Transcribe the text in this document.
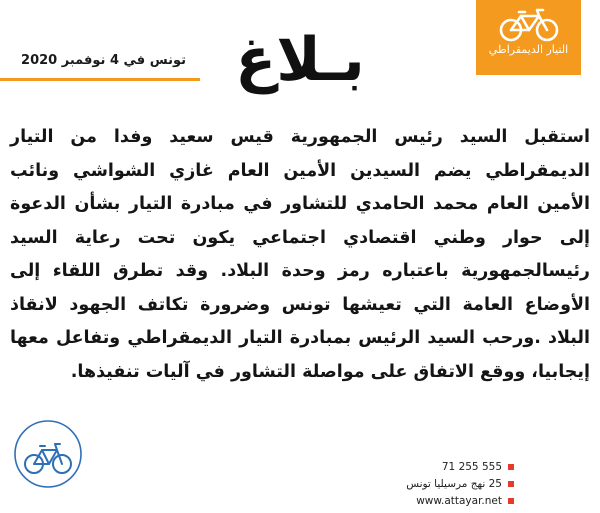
التيار الديمقراطي
تونس في 4 نوفمبر 2020 بـلاغ
استقبل السيد رئيس الجمهورية قيس سعيد وفدا من التيار الديمقراطي يضم السيدين الأمين العام غازي الشواشي ونائب الأمين العام محمد الحامدي للتشاور في مبادرة التيار بشأن الدعوة إلى حوار وطني اقتصادي اجتماعي يكون تحت رعاية السيد رئيسالجمهورية باعتباره رمز وحدة البلاد. وقد تطرق اللقاء إلى الأوضاع العامة التي تعيشها تونس وضرورة تكاتف الجهود لانقاذ البلاد .ورحب السيد الرئيس بمبادرة التيار الديمقراطي وتفاعل معها إيجابيا، ووقع الاتفاق على مواصلة التشاور في آليات تنفيذها.
71 255 555
25 نهج مرسيليا تونس
www.attayar.net
